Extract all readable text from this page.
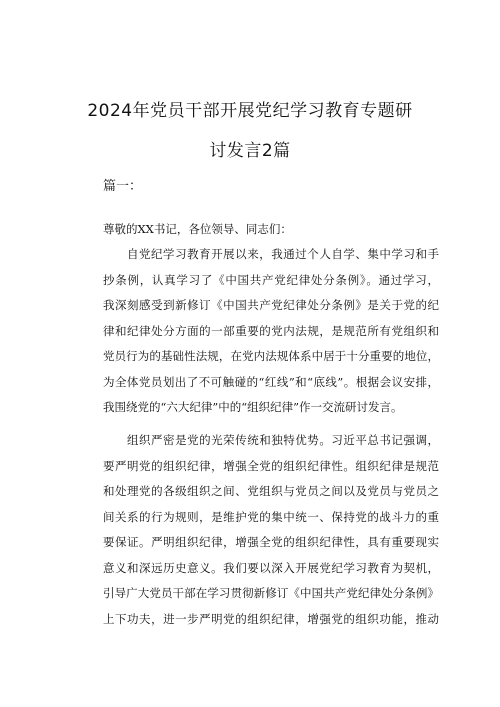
2024年党员干部开展党纪学习教育专题研
讨发言2篇
篇一：
尊敬的XX书记，各位领导、同志们：
自党纪学习教育开展以来，我通过个人自学、集中学习和手
抄条例，认真学习了《中国共产党纪律处分条例》。通过学习，
我深刻感受到新修订《中国共产党纪律处分条例》是关于党的纪
律和纪律处分方面的一部重要的党内法规，是规范所有党组织和
党员行为的基础性法规，在党内法规体系中居于十分重要的地位，
为全体党员划出了不可触碰的“红线”和“底线”。根据会议安排，
我围绕党的“六大纪律”中的“组织纪律”作一交流研讨发言。
组织严密是党的光荣传统和独特优势。习近平总书记强调，
要严明党的组织纪律，增强全党的组织纪律性。组织纪律是规范
和处理党的各级组织之间、党组织与党员之间以及党员与党员之
间关系的行为规则，是维护党的集中统一、保持党的战斗力的重
要保证。严明组织纪律，增强全党的组织纪律性，具有重要现实
意义和深远历史意义。我们要以深入开展党纪学习教育为契机，
引导广大党员干部在学习贯彻新修订《中国共产党纪律处分条例》
上下功夫，进一步严明党的组织纪律，增强党的组织功能，推动
